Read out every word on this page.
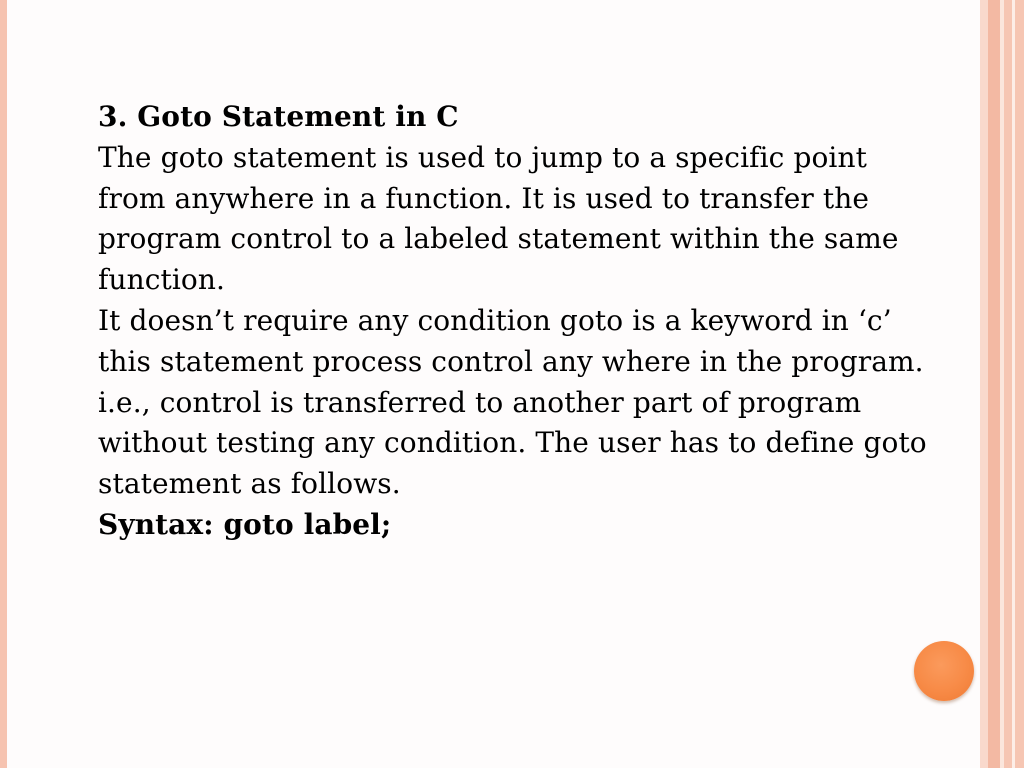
3. Goto Statement in C

The goto statement is used to jump to a specific point from anywhere in a function. It is used to transfer the program control to a labeled statement within the same function.

It doesn’t require any condition goto is a keyword in ‘c’ this statement process control any where in the program. i.e., control is transferred to another part of program without testing any condition. The user has to define goto statement as follows.

Syntax: goto label;
